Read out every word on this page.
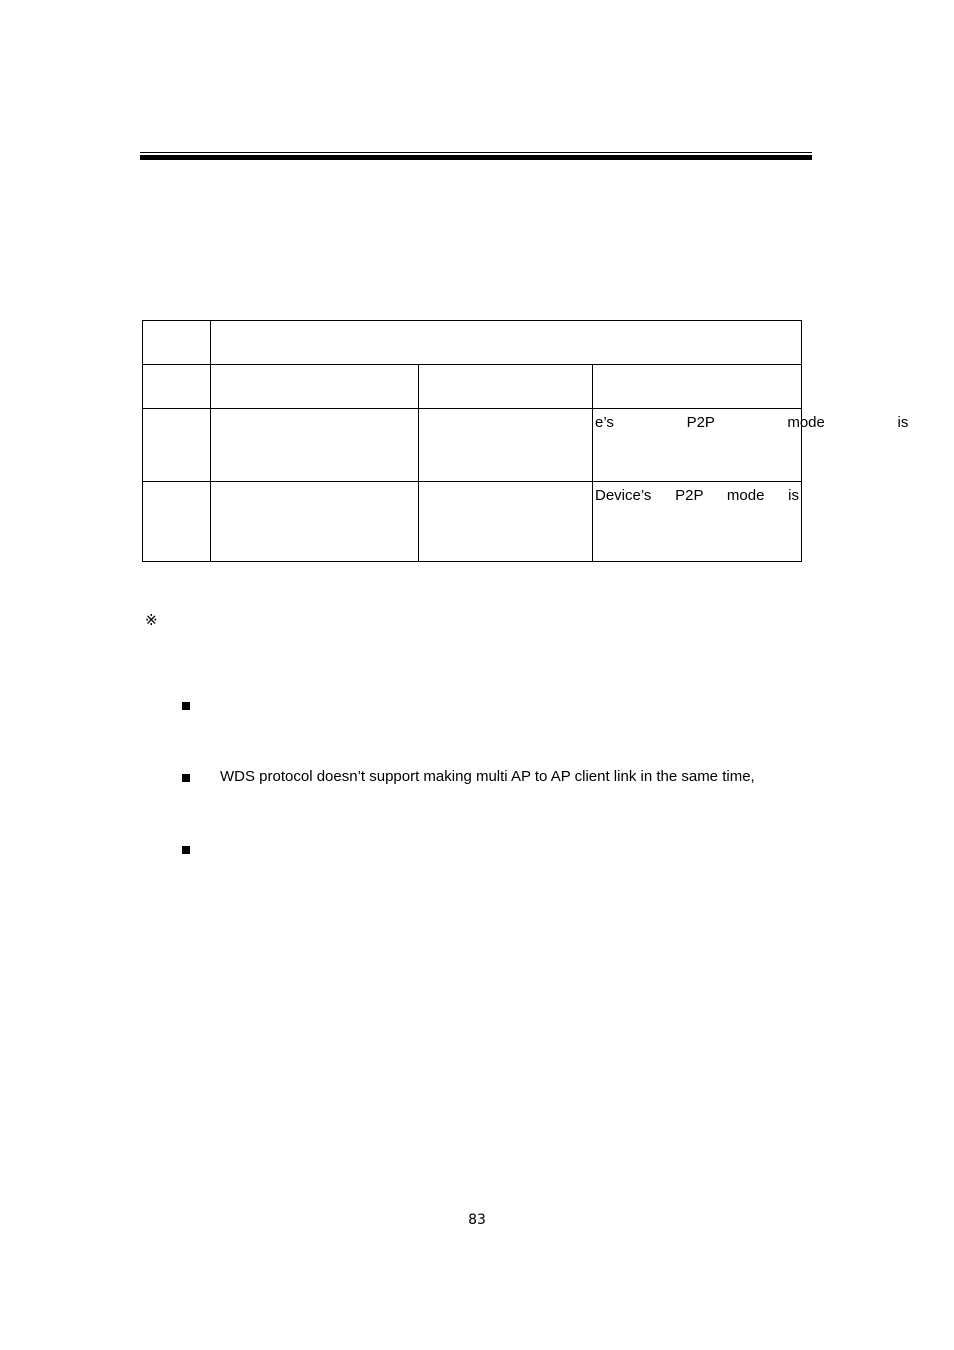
			e’s    P2P    mode    is

			Device’s P2P mode is
※
WDS protocol doesn’t support making multi AP to AP client link in the same time,
83
